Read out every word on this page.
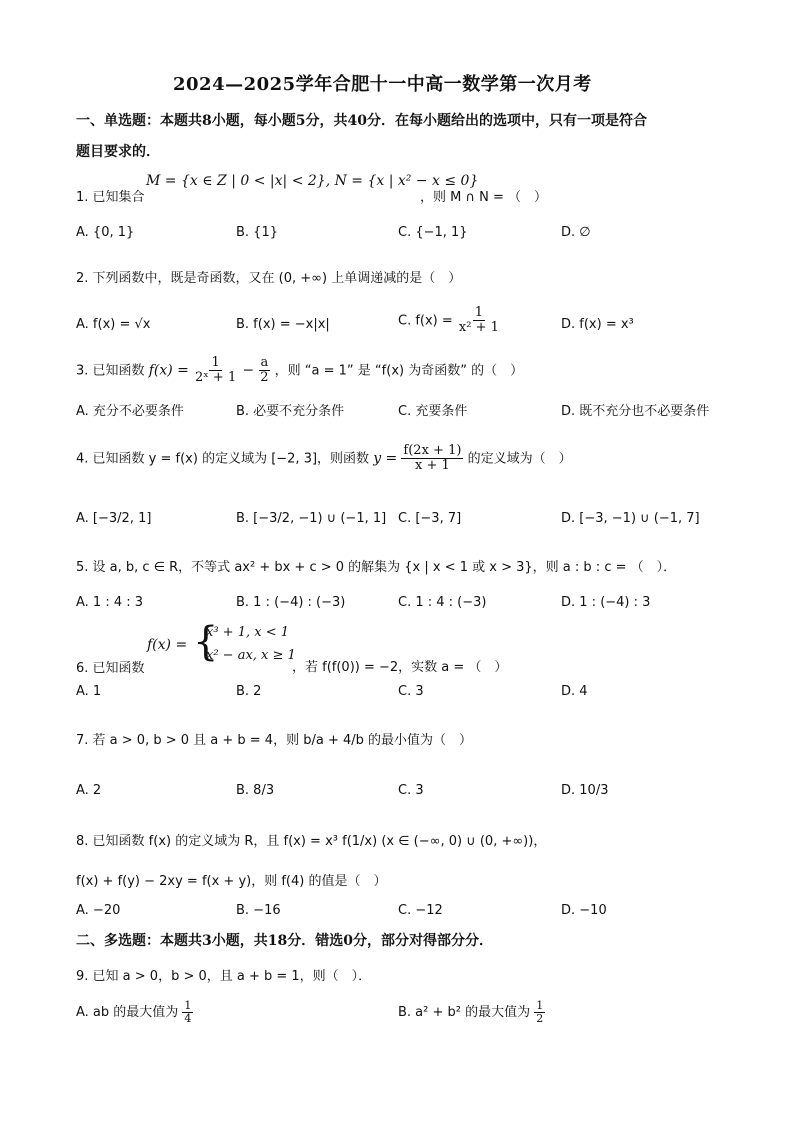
2024—2025学年合肥十一中高一数学第一次月考
一、单选题：本题共8小题，每小题5分，共40分．在每小题给出的选项中，只有一项是符合
题目要求的．
1. 已知集合
M = {x ∈ Z | 0 < |x| < 2}, N = {x | x² − x ≤ 0}
，则 M ∩ N = （　）
A. {0, 1}	B. {1}	C. {−1, 1}	D. ∅
2. 下列函数中，既是奇函数，又在 (0, +∞) 上单调递减的是（　）
A. f(x) = √x	B. f(x) = −x|x|	C. $f(x) = \frac{1}{\text{x² + 1}}$	D. f(x) = x³
3. 已知函数 $f(x) = \frac{1}{\text{2ˣ + 1}} - \frac{a}{2}$ ，则 “a = 1” 是 “f(x) 为奇函数” 的（　）
A. 充分不必要条件	B. 必要不充分条件	C. 充要条件	D. 既不充分也不必要条件
4. 已知函数 y = f(x) 的定义域为 [−2, 3]，则函数 $y = \frac{f(2x + 1)}{x + 1}$ 的定义域为（　）
A. [−3/2, 1]	B. [−3/2, −1) ∪ (−1, 1] C. [−3, 7]	D. [−3, −1) ∪ (−1, 7]
5. 设 a, b, c ∈ R，不等式 ax² + bx + c > 0 的解集为 {x | x < 1 或 x > 3}，则 a : b : c = （　）．
A. 1 : 4 : 3	B. 1 : (−4) : (−3)	C. 1 : 4 : (−3)	D. 1 : (−4) : 3
6. 已知函数
f(x) = {
x³ + 1, x < 1
x² − ax, x ≥ 1
，若 f(f(0)) = −2，实数 a = （　）
A. 1	B. 2	C. 3	D. 4
7. 若 a > 0, b > 0 且 a + b = 4，则 b/a + 4/b 的最小值为（　）
A. 2	B. 8/3	C. 3	D. 10/3
8. 已知函数 f(x) 的定义域为 R，且 f(x) = x³ f(1/x) (x ∈ (−∞, 0) ∪ (0, +∞))，
f(x) + f(y) − 2xy = f(x + y)，则 f(4) 的值是（　）
A. −20	B. −16	C. −12	D. −10
二、多选题：本题共3小题，共18分．错选0分，部分对得部分分．
9. 已知 a > 0，b > 0，且 a + b = 1，则（　）．
A. ab 的最大值为 $\frac{1}{4}$	B. a² + b² 的最大值为 $\frac{1}{2}$
